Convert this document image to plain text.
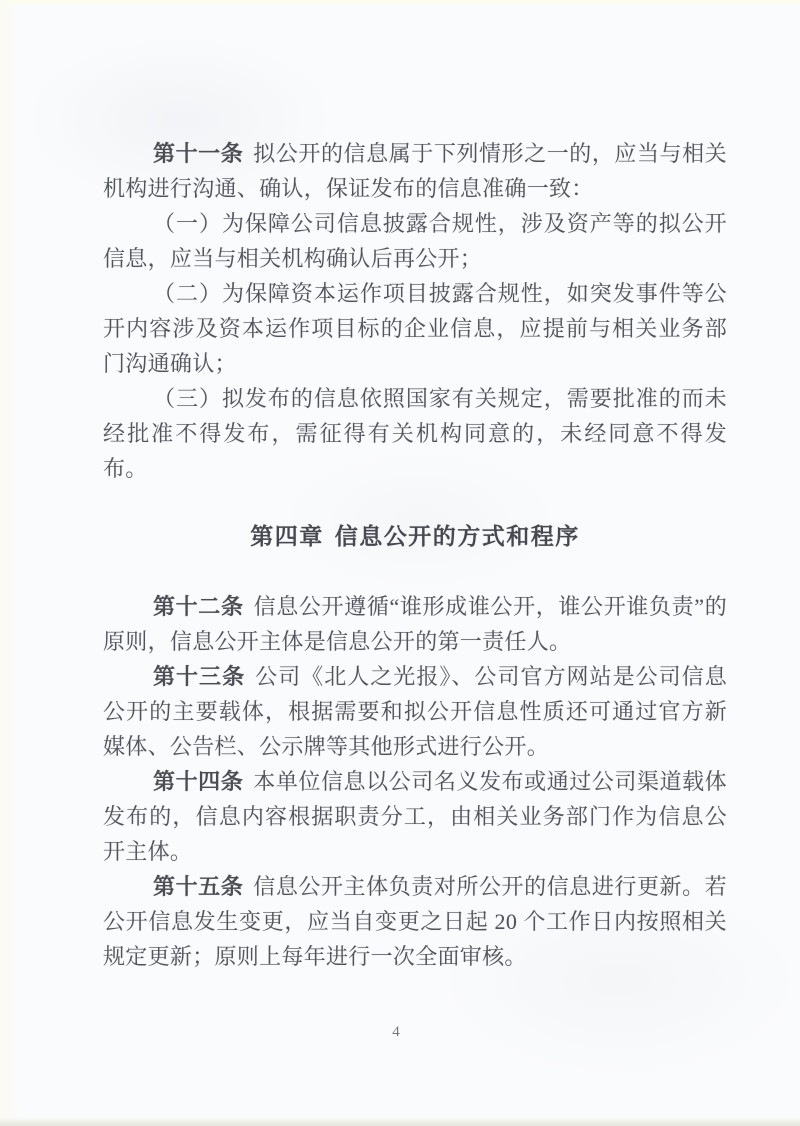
第十一条 拟公开的信息属于下列情形之一的，应当与相关机构进行沟通、确认，保证发布的信息准确一致：

（一）为保障公司信息披露合规性，涉及资产等的拟公开信息，应当与相关机构确认后再公开；

（二）为保障资本运作项目披露合规性，如突发事件等公开内容涉及资本运作项目标的企业信息，应提前与相关业务部门沟通确认；

（三）拟发布的信息依照国家有关规定，需要批准的而未经批准不得发布，需征得有关机构同意的，未经同意不得发布。

第四章 信息公开的方式和程序

第十二条 信息公开遵循“谁形成谁公开，谁公开谁负责”的原则，信息公开主体是信息公开的第一责任人。

第十三条 公司《北人之光报》、公司官方网站是公司信息公开的主要载体，根据需要和拟公开信息性质还可通过官方新媒体、公告栏、公示牌等其他形式进行公开。

第十四条 本单位信息以公司名义发布或通过公司渠道载体发布的，信息内容根据职责分工，由相关业务部门作为信息公开主体。

第十五条 信息公开主体负责对所公开的信息进行更新。若公开信息发生变更，应当自变更之日起 20 个工作日内按照相关规定更新；原则上每年进行一次全面审核。

4
